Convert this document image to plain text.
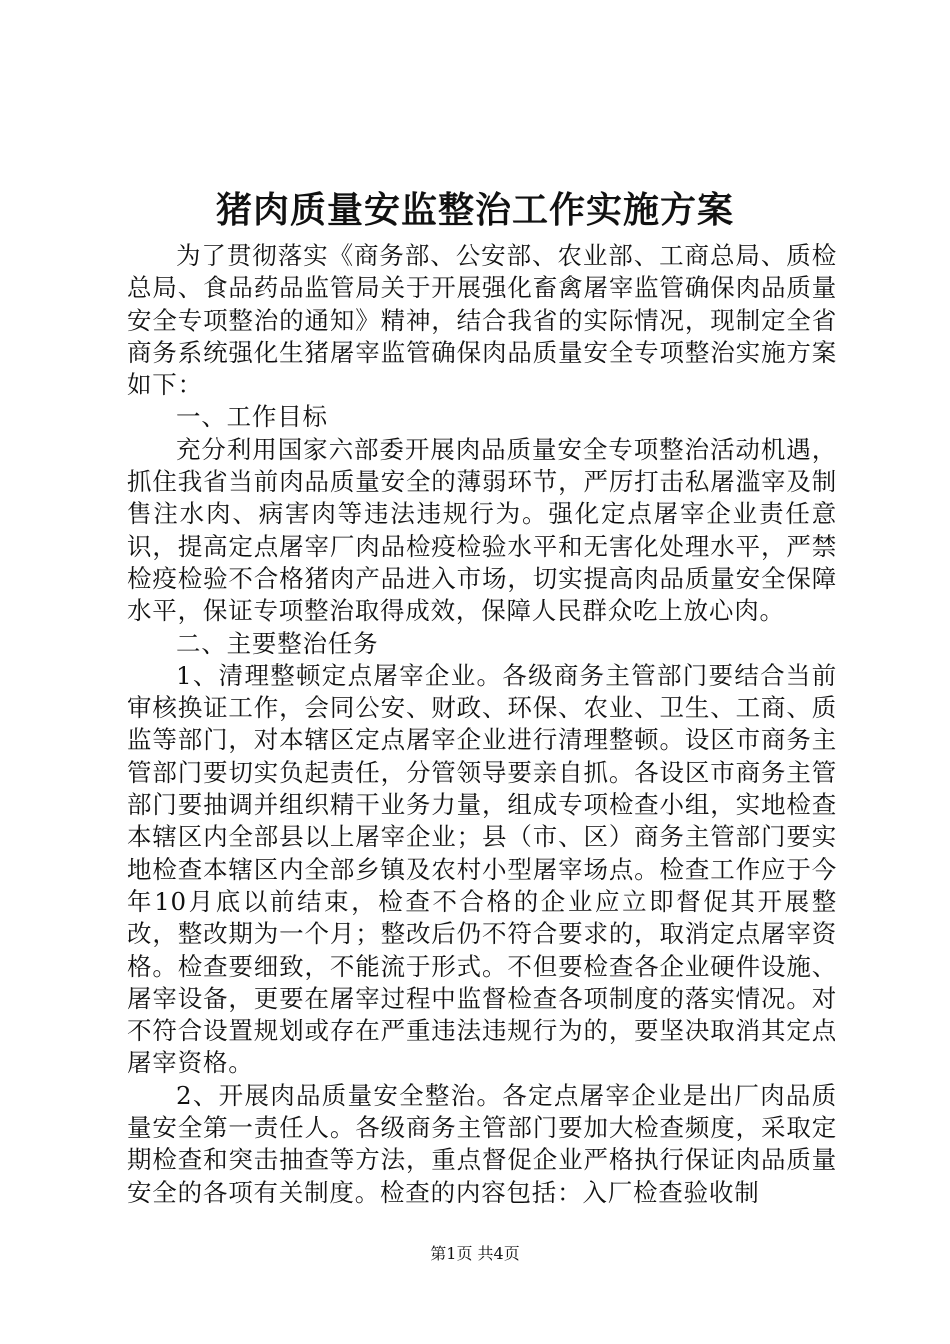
猪肉质量安监整治工作实施方案

为了贯彻落实《商务部、公安部、农业部、工商总局、质检总局、食品药品监管局关于开展强化畜禽屠宰监管确保肉品质量安全专项整治的通知》精神，结合我省的实际情况，现制定全省商务系统强化生猪屠宰监管确保肉品质量安全专项整治实施方案如下：

一、工作目标

充分利用国家六部委开展肉品质量安全专项整治活动机遇，抓住我省当前肉品质量安全的薄弱环节，严厉打击私屠滥宰及制售注水肉、病害肉等违法违规行为。强化定点屠宰企业责任意识，提高定点屠宰厂肉品检疫检验水平和无害化处理水平，严禁检疫检验不合格猪肉产品进入市场，切实提高肉品质量安全保障水平，保证专项整治取得成效，保障人民群众吃上放心肉。

二、主要整治任务

1、清理整顿定点屠宰企业。各级商务主管部门要结合当前审核换证工作，会同公安、财政、环保、农业、卫生、工商、质监等部门，对本辖区定点屠宰企业进行清理整顿。设区市商务主管部门要切实负起责任，分管领导要亲自抓。各设区市商务主管部门要抽调并组织精干业务力量，组成专项检查小组，实地检查本辖区内全部县以上屠宰企业；县（市、区）商务主管部门要实地检查本辖区内全部乡镇及农村小型屠宰场点。检查工作应于今年10月底以前结束，检查不合格的企业应立即督促其开展整改，整改期为一个月；整改后仍不符合要求的，取消定点屠宰资格。检查要细致，不能流于形式。不但要检查各企业硬件设施、屠宰设备，更要在屠宰过程中监督检查各项制度的落实情况。对不符合设置规划或存在严重违法违规行为的，要坚决取消其定点屠宰资格。

2、开展肉品质量安全整治。各定点屠宰企业是出厂肉品质量安全第一责任人。各级商务主管部门要加大检查频度，采取定期检查和突击抽查等方法，重点督促企业严格执行保证肉品质量安全的各项有关制度。检查的内容包括：入厂检查验收制

第1页 共4页
